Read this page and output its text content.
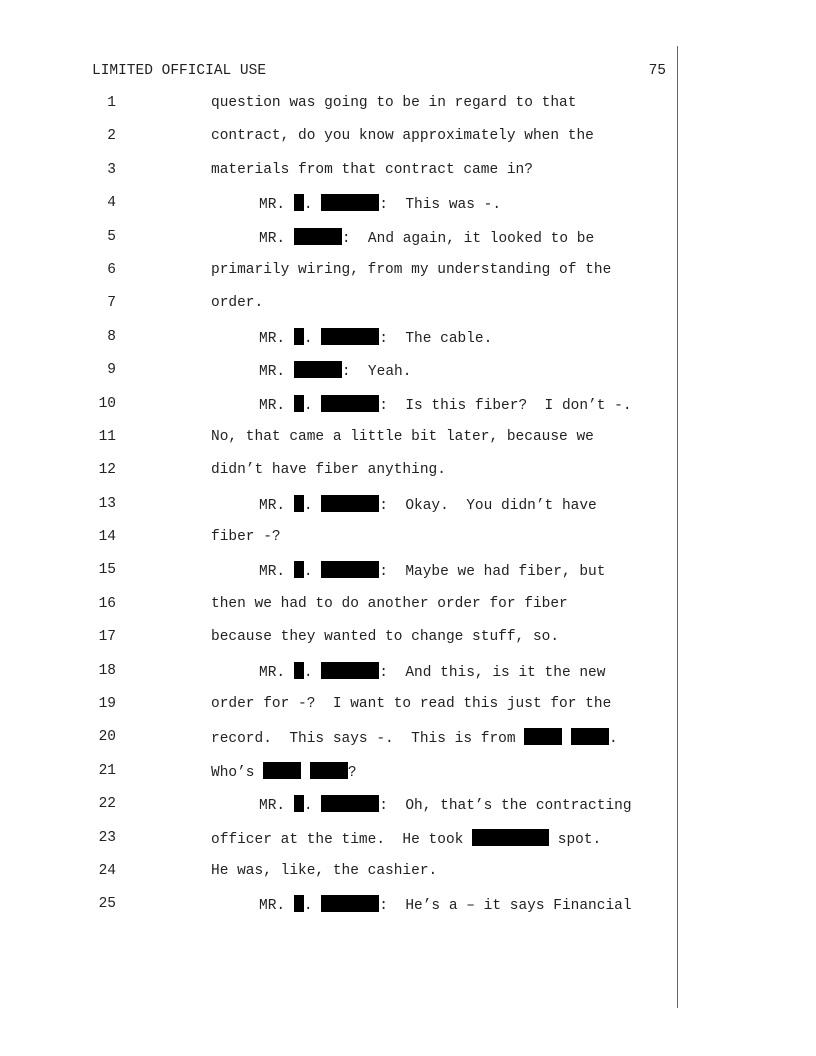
LIMITED OFFICIAL USE	75
1	question was going to be in regard to that
2	contract, do you know approximately when the
3	materials from that contract came in?
4	MR. .	:  This was -.
5	MR.	:  And again, it looked to be
6	primarily wiring, from my understanding of the
7	order.
8	MR. .	:  The cable.
9	MR.	:  Yeah.
10	MR. .	:  Is this fiber?  I don’t -.
11	No, that came a little bit later, because we
12	didn’t have fiber anything.
13	MR. .	:  Okay.  You didn’t have
14	fiber -?
15	MR. .	:  Maybe we had fiber, but
16	then we had to do another order for fiber
17	because they wanted to change stuff, so.
18	MR. .	:  And this, is it the new
19	order for -?  I want to read this just for the
20	record.  This says -.  This is from	.
21	Who’s	?
22	MR. .	:  Oh, that’s the contracting
23	officer at the time.  He took	spot.
24	He was, like, the cashier.
25	MR. .	:  He’s a – it says Financial
